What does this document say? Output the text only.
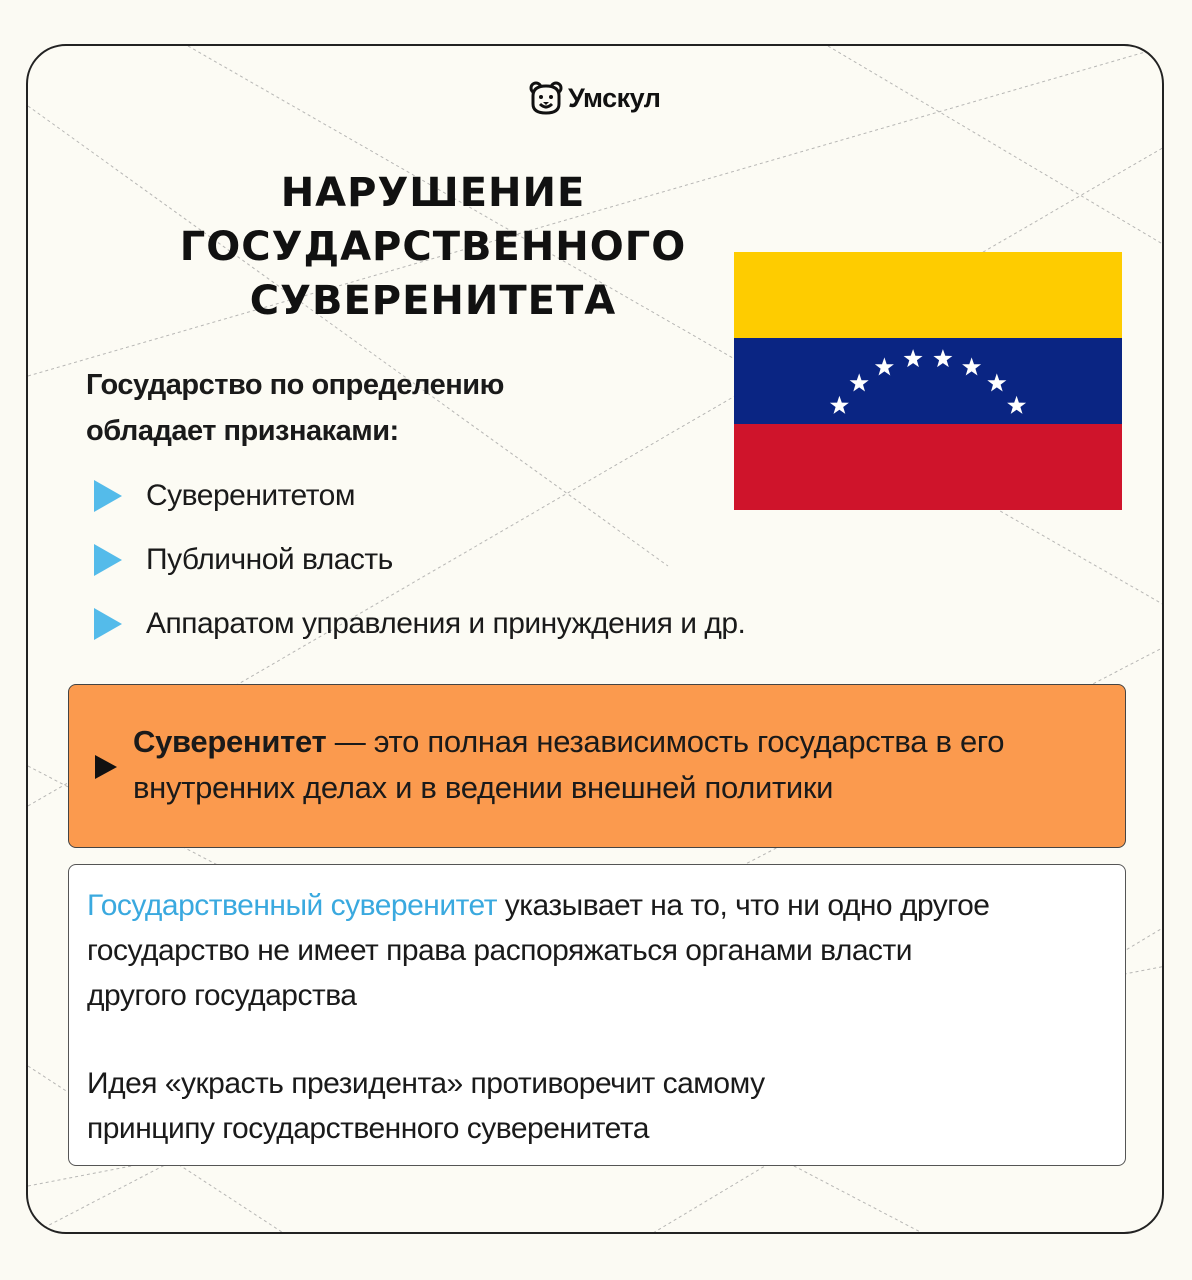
Умскул
НАРУШЕНИЕ
ГОСУДАРСТВЕННОГО
СУВЕРЕНИТЕТА
Государство по определению
обладает признаками:
Суверенитетом
Публичной власть
Аппаратом управления и принуждения и др.
Суверенитет — это полная независимость государства в его
внутренних делах и в ведении внешней политики
Государственный суверенитет указывает на то, что ни одно другое
государство не имеет права распоряжаться органами власти
другого государства
Идея «украсть президента» противоречит самому
принципу государственного суверенитета
